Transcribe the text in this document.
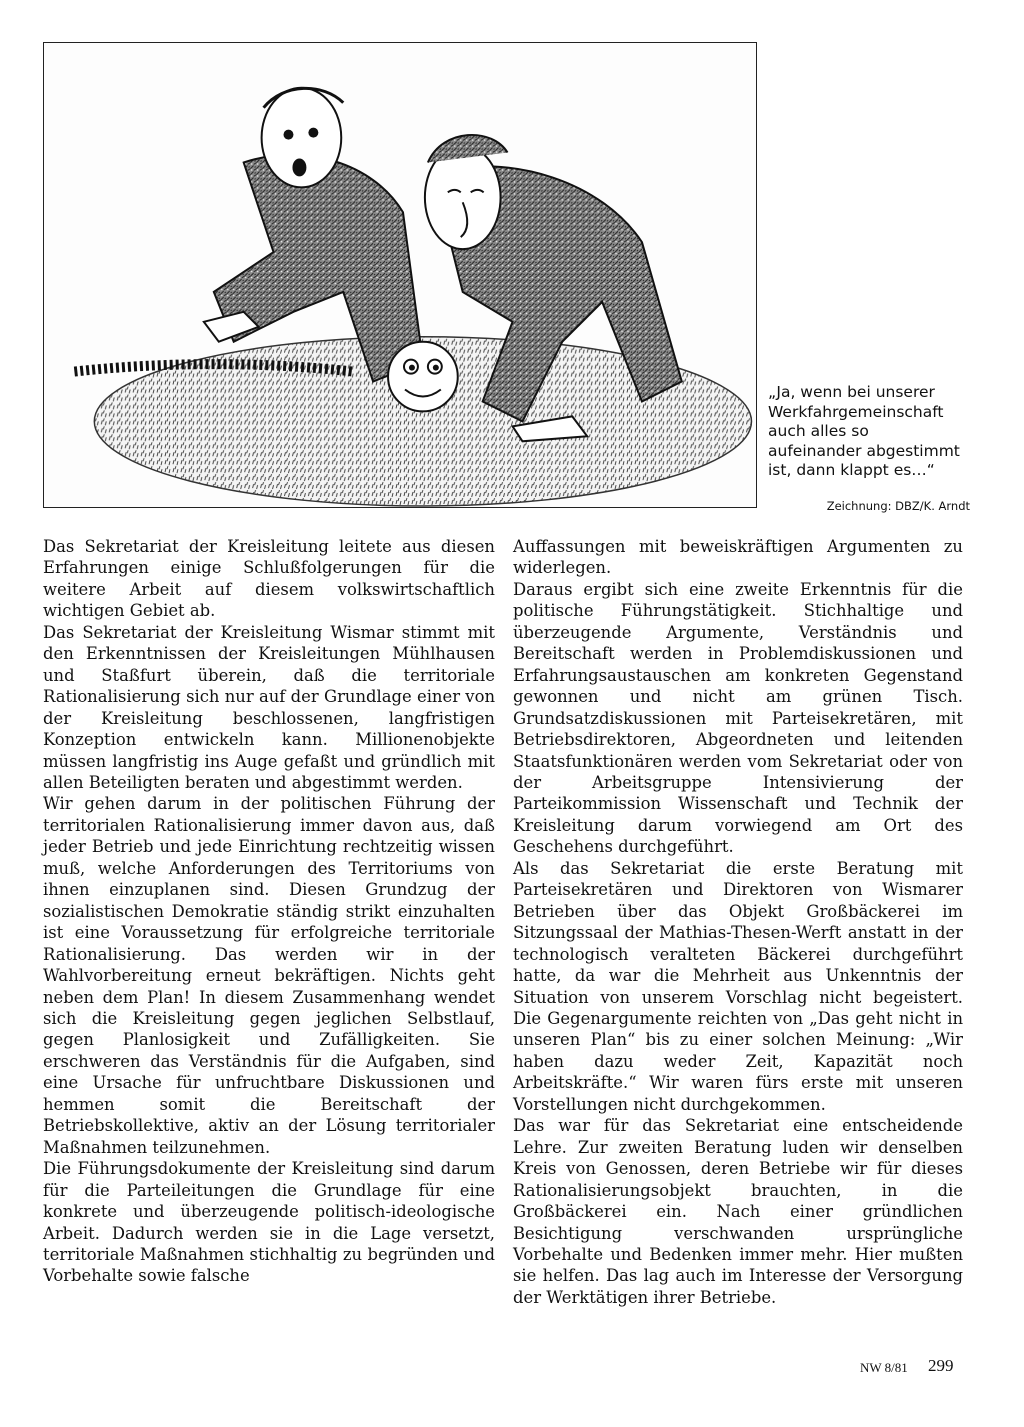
„Ja, wenn bei unserer Werkfahrgemeinschaft auch alles so aufeinander abgestimmt ist, dann klappt es…“
Zeichnung: DBZ/K. Arndt

Das Sekretariat der Kreisleitung leitete aus diesen Erfahrungen einige Schlußfolgerungen für die weitere Arbeit auf diesem volkswirtschaftlich wichtigen Gebiet ab.

Das Sekretariat der Kreisleitung Wismar stimmt mit den Erkenntnissen der Kreisleitungen Mühlhausen und Staßfurt überein, daß die territoriale Rationalisierung sich nur auf der Grundlage einer von der Kreisleitung beschlossenen, langfristigen Konzeption entwickeln kann. Millionenobjekte müssen langfristig ins Auge gefaßt und gründlich mit allen Beteiligten beraten und abgestimmt werden.

Wir gehen darum in der politischen Führung der territorialen Rationalisierung immer davon aus, daß jeder Betrieb und jede Einrichtung rechtzeitig wissen muß, welche Anforderungen des Territoriums von ihnen einzuplanen sind. Diesen Grundzug der sozialistischen Demokratie ständig strikt einzuhalten ist eine Voraussetzung für erfolgreiche territoriale Rationalisierung. Das werden wir in der Wahlvorbereitung erneut bekräftigen. Nichts geht neben dem Plan! In diesem Zusammenhang wendet sich die Kreisleitung gegen jeglichen Selbstlauf, gegen Planlosigkeit und Zufälligkeiten. Sie erschweren das Verständnis für die Aufgaben, sind eine Ursache für unfruchtbare Diskussionen und hemmen somit die Bereitschaft der Betriebskollektive, aktiv an der Lösung territorialer Maßnahmen teilzunehmen.

Die Führungsdokumente der Kreisleitung sind darum für die Parteileitungen die Grundlage für eine konkrete und überzeugende politisch-ideologische Arbeit. Dadurch werden sie in die Lage versetzt, territoriale Maßnahmen stichhaltig zu begründen und Vorbehalte sowie falsche

Auffassungen mit beweiskräftigen Argumenten zu widerlegen.

Daraus ergibt sich eine zweite Erkenntnis für die politische Führungstätigkeit. Stichhaltige und überzeugende Argumente, Verständnis und Bereitschaft werden in Problemdiskussionen und Erfahrungsaustauschen am konkreten Gegenstand gewonnen und nicht am grünen Tisch. Grundsatzdiskussionen mit Parteisekretären, mit Betriebsdirektoren, Abgeordneten und leitenden Staatsfunktionären werden vom Sekretariat oder von der Arbeitsgruppe Intensivierung der Parteikommission Wissenschaft und Technik der Kreisleitung darum vorwiegend am Ort des Geschehens durchgeführt.

Als das Sekretariat die erste Beratung mit Parteisekretären und Direktoren von Wismarer Betrieben über das Objekt Großbäckerei im Sitzungssaal der Mathias-Thesen-Werft anstatt in der technologisch veralteten Bäckerei durchgeführt hatte, da war die Mehrheit aus Unkenntnis der Situation von unserem Vorschlag nicht begeistert. Die Gegenargumente reichten von „Das geht nicht in unseren Plan“ bis zu einer solchen Meinung: „Wir haben dazu weder Zeit, Kapazität noch Arbeitskräfte.“ Wir waren fürs erste mit unseren Vorstellungen nicht durchgekommen.

Das war für das Sekretariat eine entscheidende Lehre. Zur zweiten Beratung luden wir denselben Kreis von Genossen, deren Betriebe wir für dieses Rationalisierungsobjekt brauchten, in die Großbäckerei ein. Nach einer gründlichen Besichtigung verschwanden ursprüngliche Vorbehalte und Bedenken immer mehr. Hier mußten sie helfen. Das lag auch im Interesse der Versorgung der Werktätigen ihrer Betriebe.

NW 8/81 299
